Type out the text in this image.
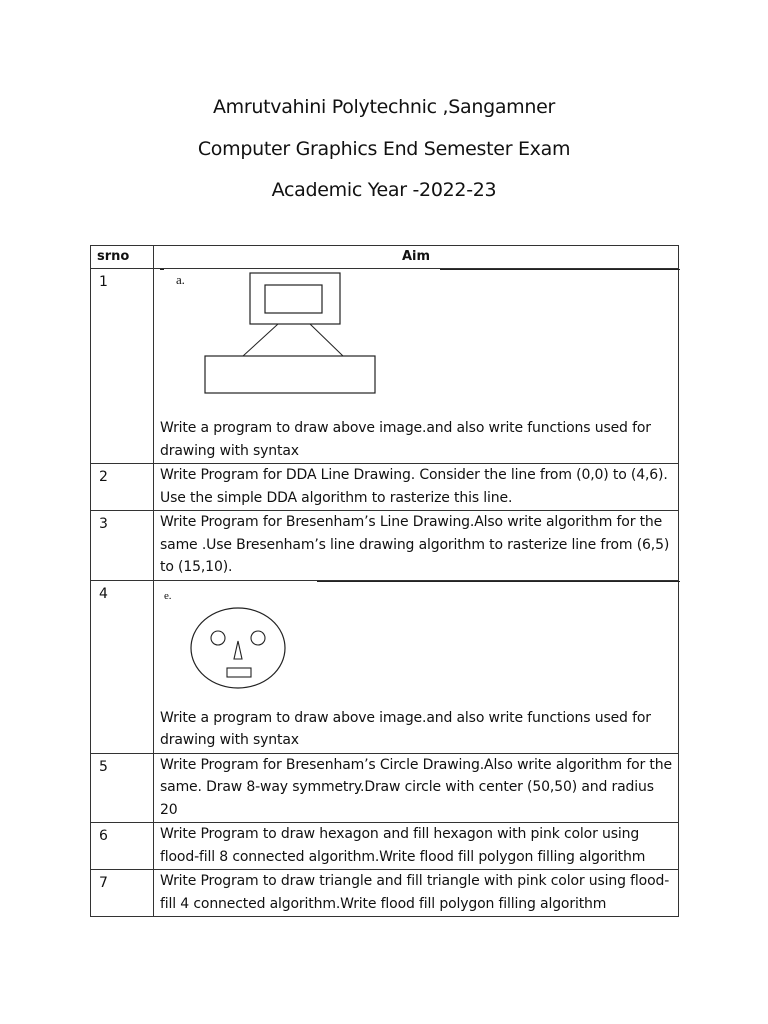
Amrutvahini Polytechnic ,Sangamner
Computer Graphics End Semester Exam
Academic Year -2022-23
srno	Aim
1	a.
Write a program to draw above image.and also write functions used for drawing with syntax

2	Write Program for DDA Line Drawing. Consider the line from (0,0) to (4,6). Use the simple DDA algorithm to rasterize this line.
3	Write Program for Bresenham’s Line Drawing.Also write algorithm for the same .Use Bresenham’s line drawing algorithm to rasterize line from (6,5) to (15,10).
4	e.
Write a program to draw above image.and also write functions used for drawing with syntax

5	Write Program for Bresenham’s Circle Drawing.Also write algorithm for the same. Draw 8-way symmetry.Draw circle with center (50,50) and radius 20
6	Write Program to draw hexagon and fill hexagon with pink color using flood-fill 8 connected algorithm.Write flood fill polygon filling algorithm
7	Write Program to draw triangle and fill triangle with pink color using flood-fill 4 connected algorithm.Write flood fill polygon filling algorithm
